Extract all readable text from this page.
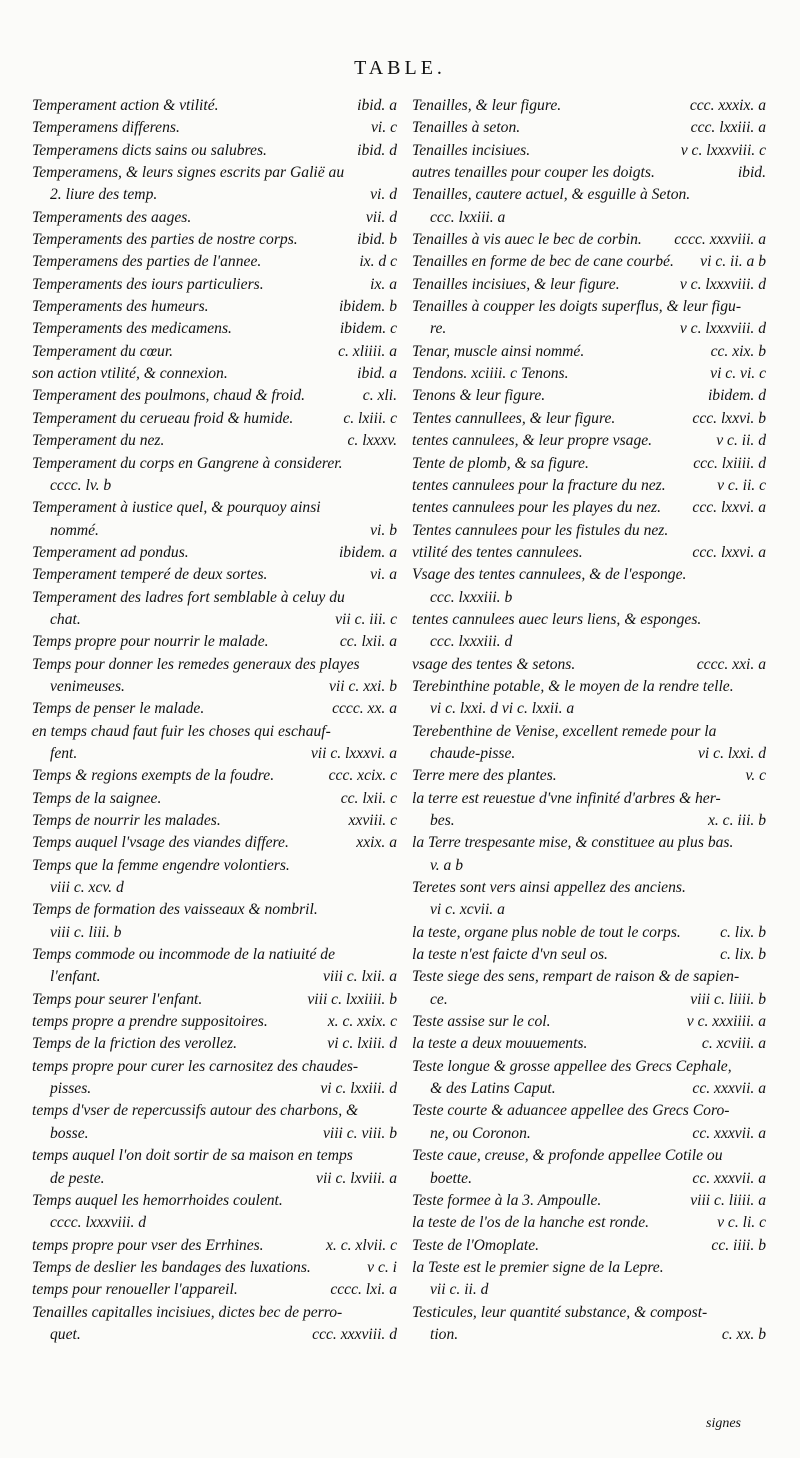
TABLE.
Temperament action & vtilité.	ibid. a
Temperamens differens.	vi. c
Temperamens dicts sains ou salubres.	ibid. d
Temperamens, & leurs signes escrits par Galië au
2. liure des temp.	vi. d
Temperaments des aages.	vii. d
Temperaments des parties de nostre corps.	ibid. b
Temperamens des parties de l'annee.	ix. d c
Temperaments des iours particuliers.	ix. a
Temperaments des humeurs.	ibidem. b
Temperaments des medicamens.	ibidem. c
Temperament du cœur.	c. xliiii. a
son action vtilité, & connexion.	ibid. a
Temperament des poulmons, chaud & froid.	c. xli.
Temperament du cerueau froid & humide.	c. lxiii. c
Temperament du nez.	c. lxxxv.
Temperament du corps en Gangrene à considerer.
cccc. lv. b
Temperament à iustice quel, & pourquoy ainsi
nommé.	vi. b
Temperament ad pondus.	ibidem. a
Temperament temperé de deux sortes.	vi. a
Temperament des ladres fort semblable à celuy du
chat.	vii c. iii. c
Temps propre pour nourrir le malade.	cc. lxii. a
Temps pour donner les remedes generaux des playes
venimeuses.	vii c. xxi. b
Temps de penser le malade.	cccc. xx. a
en temps chaud faut fuir les choses qui eschauf-
fent.	vii c. lxxxvi. a
Temps & regions exempts de la foudre.	ccc. xcix. c
Temps de la saignee.	cc. lxii. c
Temps de nourrir les malades.	xxviii. c
Temps auquel l'vsage des viandes differe.	xxix. a
Temps que la femme engendre volontiers.
viii c. xcv. d
Temps de formation des vaisseaux & nombril.
viii c. liii. b
Temps commode ou incommode de la natiuité de
l'enfant.	viii c. lxii. a
Temps pour seurer l'enfant.	viii c. lxxiiii. b
temps propre a prendre suppositoires.	x. c. xxix. c
Temps de la friction des verollez.	vi c. lxiii. d
temps propre pour curer les carnositez des chaudes-
pisses.	vi c. lxxiii. d
temps d'vser de repercussifs autour des charbons, &
bosse.	viii c. viii. b
temps auquel l'on doit sortir de sa maison en temps
de peste.	vii c. lxviii. a
Temps auquel les hemorrhoides coulent.
cccc. lxxxviii. d
temps propre pour vser des Errhines.	x. c. xlvii. c
Temps de deslier les bandages des luxations.	v c. i
temps pour renoueller l'appareil.	cccc. lxi. a
Tenailles capitalles incisiues, dictes bec de perro-
quet.	ccc. xxxviii. d
Tenailles, & leur figure.	ccc. xxxix. a
Tenailles à seton.	ccc. lxxiii. a
Tenailles incisiues.	v c. lxxxviii. c
autres tenailles pour couper les doigts.	ibid.
Tenailles, cautere actuel, & esguille à Seton.
ccc. lxxiii. a
Tenailles à vis auec le bec de corbin. cccc. xxxviii. a
Tenailles en forme de bec de cane courbé. vi c. ii. a b
Tenailles incisiues, & leur figure.	v c. lxxxviii. d
Tenailles à coupper les doigts superflus, & leur figu-
re.	v c. lxxxviii. d
Tenar, muscle ainsi nommé.	cc. xix. b
Tendons. xciiii. c Tenons.	vi c. vi. c
Tenons & leur figure.	ibidem. d
Tentes cannullees, & leur figure.	ccc. lxxvi. b
tentes cannulees, & leur propre vsage.	v c. ii. d
Tente de plomb, & sa figure.	ccc. lxiiii. d
tentes cannulees pour la fracture du nez.	v c. ii. c
tentes cannulees pour les playes du nez. ccc. lxxvi. a
Tentes cannulees pour les fistules du nez.
vtilité des tentes cannulees.	ccc. lxxvi. a
Vsage des tentes cannulees, & de l'esponge.
ccc. lxxxiii. b
tentes cannulees auec leurs liens, & esponges.
ccc. lxxxiii. d
vsage des tentes & setons.	cccc. xxi. a
Terebinthine potable, & le moyen de la rendre telle.
vi c. lxxi. d vi c. lxxii. a
Terebenthine de Venise, excellent remede pour la
chaude-pisse.	vi c. lxxi. d
Terre mere des plantes.	v. c
la terre est reuestue d'vne infinité d'arbres & her-
bes.	x. c. iii. b
la Terre trespesante mise, & constituee au plus bas.
v. a b
Teretes sont vers ainsi appellez des anciens.
vi c. xcvii. a
la teste, organe plus noble de tout le corps.	c. lix. b
la teste n'est faicte d'vn seul os.	c. lix. b
Teste siege des sens, rempart de raison & de sapien-
ce.	viii c. liiii. b
Teste assise sur le col.	v c. xxxiiii. a
la teste a deux mouuements.	c. xcviii. a
Teste longue & grosse appellee des Grecs Cephale,
& des Latins Caput.	cc. xxxvii. a
Teste courte & aduancee appellee des Grecs Coro-
ne, ou Coronon.	cc. xxxvii. a
Teste caue, creuse, & profonde appellee Cotile ou
boette.	cc. xxxvii. a
Teste formee à la 3. Ampoulle.	viii c. liiii. a
la teste de l'os de la hanche est ronde.	v c. li. c
Teste de l'Omoplate.	cc. iiii. b
la Teste est le premier signe de la Lepre.
vii c. ii. d
Testicules, leur quantité substance, & compost-
tion.	c. xx. b
signes
